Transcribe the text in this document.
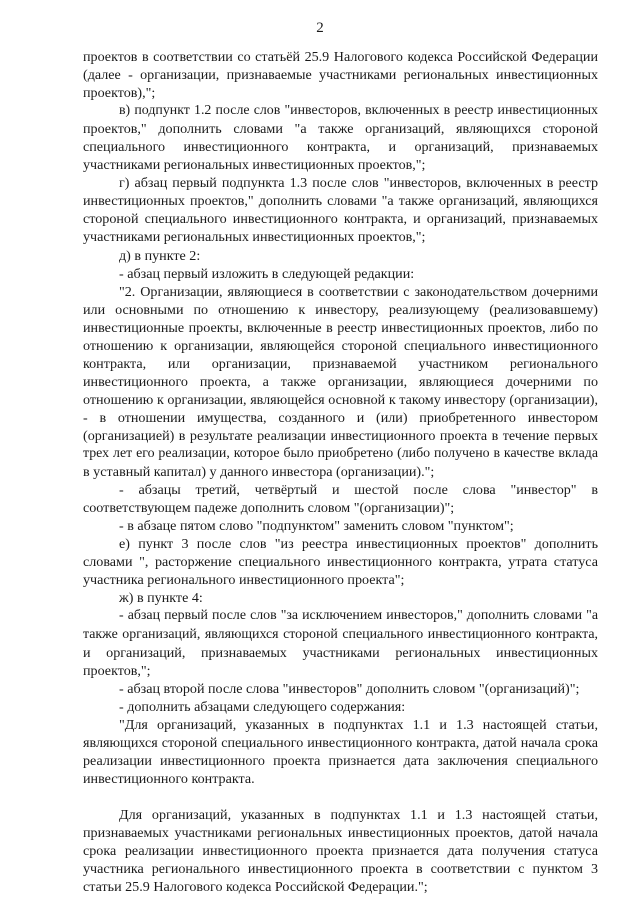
2
проектов в соответствии со статьёй 25.9 Налогового кодекса Российской Федерации
(далее - организации, признаваемые участниками региональных инвестиционных
проектов),";
в) подпункт 1.2 после слов "инвесторов, включенных в реестр инвестиционных
проектов," дополнить словами "а также организаций, являющихся стороной
специального инвестиционного контракта, и организаций, признаваемых
участниками региональных инвестиционных проектов,";
г) абзац первый подпункта 1.3 после слов "инвесторов, включенных в реестр
инвестиционных проектов," дополнить словами "а также организаций, являющихся
стороной специального инвестиционного контракта, и организаций, признаваемых
участниками региональных инвестиционных проектов,";
д) в пункте 2:
- абзац первый изложить в следующей редакции:
"2. Организации, являющиеся в соответствии с законодательством дочерними
или основными по отношению к инвестору, реализующему (реализовавшему)
инвестиционные проекты, включенные в реестр инвестиционных проектов, либо по
отношению к организации, являющейся стороной специального инвестиционного
контракта, или организации, признаваемой участником регионального
инвестиционного проекта, а также организации, являющиеся дочерними по
отношению к организации, являющейся основной к такому инвестору (организации),
- в отношении имущества, созданного и (или) приобретенного инвестором
(организацией) в результате реализации инвестиционного проекта в течение первых
трех лет его реализации, которое было приобретено (либо получено в качестве вклада
в уставный капитал) у данного инвестора (организации).";
- абзацы третий, четвёртый и шестой после слова "инвестор" в
соответствующем падеже дополнить словом "(организации)";
- в абзаце пятом слово "подпунктом" заменить словом "пунктом";
е) пункт 3 после слов "из реестра инвестиционных проектов" дополнить
словами ", расторжение специального инвестиционного контракта, утрата статуса
участника регионального инвестиционного проекта";
ж) в пункте 4:
- абзац первый после слов "за исключением инвесторов," дополнить словами "а
также организаций, являющихся стороной специального инвестиционного контракта,
и организаций, признаваемых участниками региональных инвестиционных
проектов,";
- абзац второй после слова "инвесторов" дополнить словом "(организаций)";
- дополнить абзацами следующего содержания:
"Для организаций, указанных в подпунктах 1.1 и 1.3 настоящей статьи,
являющихся стороной специального инвестиционного контракта, датой начала срока
реализации инвестиционного проекта признается дата заключения специального
инвестиционного контракта.
Для организаций, указанных в подпунктах 1.1 и 1.3 настоящей статьи,
признаваемых участниками региональных инвестиционных проектов, датой начала
срока реализации инвестиционного проекта признается дата получения статуса
участника регионального инвестиционного проекта в соответствии с пунктом 3
статьи 25.9 Налогового кодекса Российской Федерации.";
